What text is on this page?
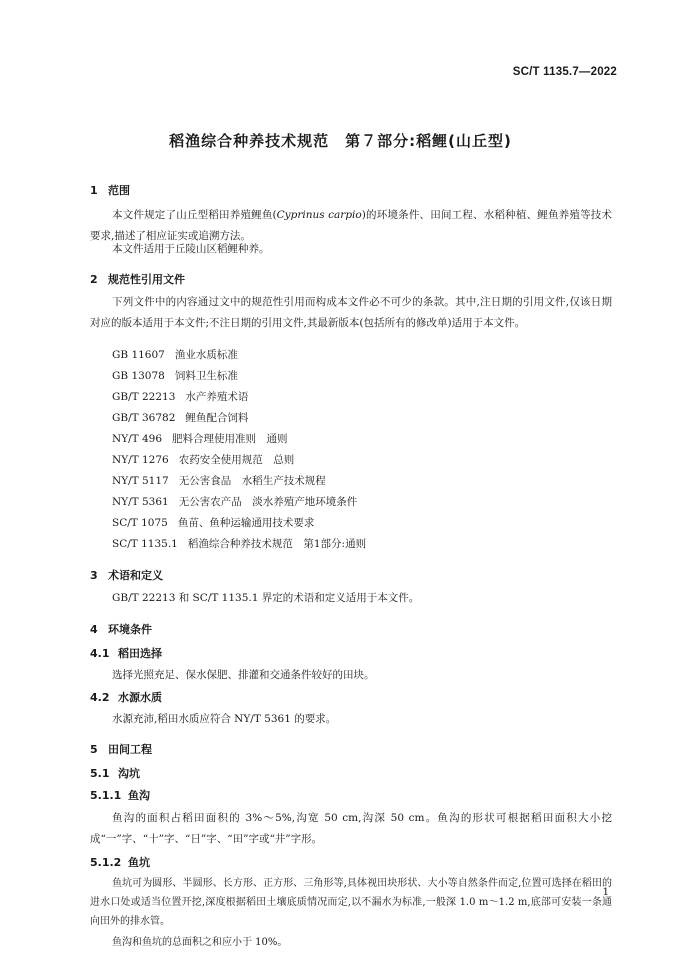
SC/T 1135.7—2022
稻渔综合种养技术规范　第７部分:稻鲤(山丘型)
1 范围
本文件规定了山丘型稻田养殖鲤鱼(Cyprinus carpio)的环境条件、田间工程、水稻种植、鲤鱼养殖等技术要求,描述了相应证实或追溯方法。
本文件适用于丘陵山区稻鲤种养。
2 规范性引用文件
下列文件中的内容通过文中的规范性引用而构成本文件必不可少的条款。其中,注日期的引用文件,仅该日期对应的版本适用于本文件;不注日期的引用文件,其最新版本(包括所有的修改单)适用于本文件。
GB 11607 渔业水质标准
GB 13078 饲料卫生标准
GB/T 22213 水产养殖术语
GB/T 36782 鲤鱼配合饲料
NY/T 496 肥料合理使用准则　通则
NY/T 1276 农药安全使用规范　总则
NY/T 5117 无公害食品　水稻生产技术规程
NY/T 5361 无公害农产品　淡水养殖产地环境条件
SC/T 1075 鱼苗、鱼种运输通用技术要求
SC/T 1135.1 稻渔综合种养技术规范　第1部分:通则
3 术语和定义
GB/T 22213 和 SC/T 1135.1 界定的术语和定义适用于本文件。
4 环境条件
4.1 稻田选择
选择光照充足、保水保肥、排灌和交通条件较好的田块。
4.2 水源水质
水源充沛,稻田水质应符合 NY/T 5361 的要求。
5 田间工程
5.1 沟坑
5.1.1 鱼沟
鱼沟的面积占稻田面积的 3%～5%,沟宽 50 cm,沟深 50 cm。鱼沟的形状可根据稻田面积大小挖成“一”字、“十”字、“日”字、“田”字或“井”字形。
5.1.2 鱼坑
鱼坑可为圆形、半圆形、长方形、正方形、三角形等,具体视田块形状、大小等自然条件而定,位置可选择在稻田的进水口处或适当位置开挖,深度根据稻田土壤底质情况而定,以不漏水为标准,一般深 1.0 m～1.2 m,底部可安装一条通向田外的排水管。
鱼沟和鱼坑的总面积之和应小于 10%。
1
